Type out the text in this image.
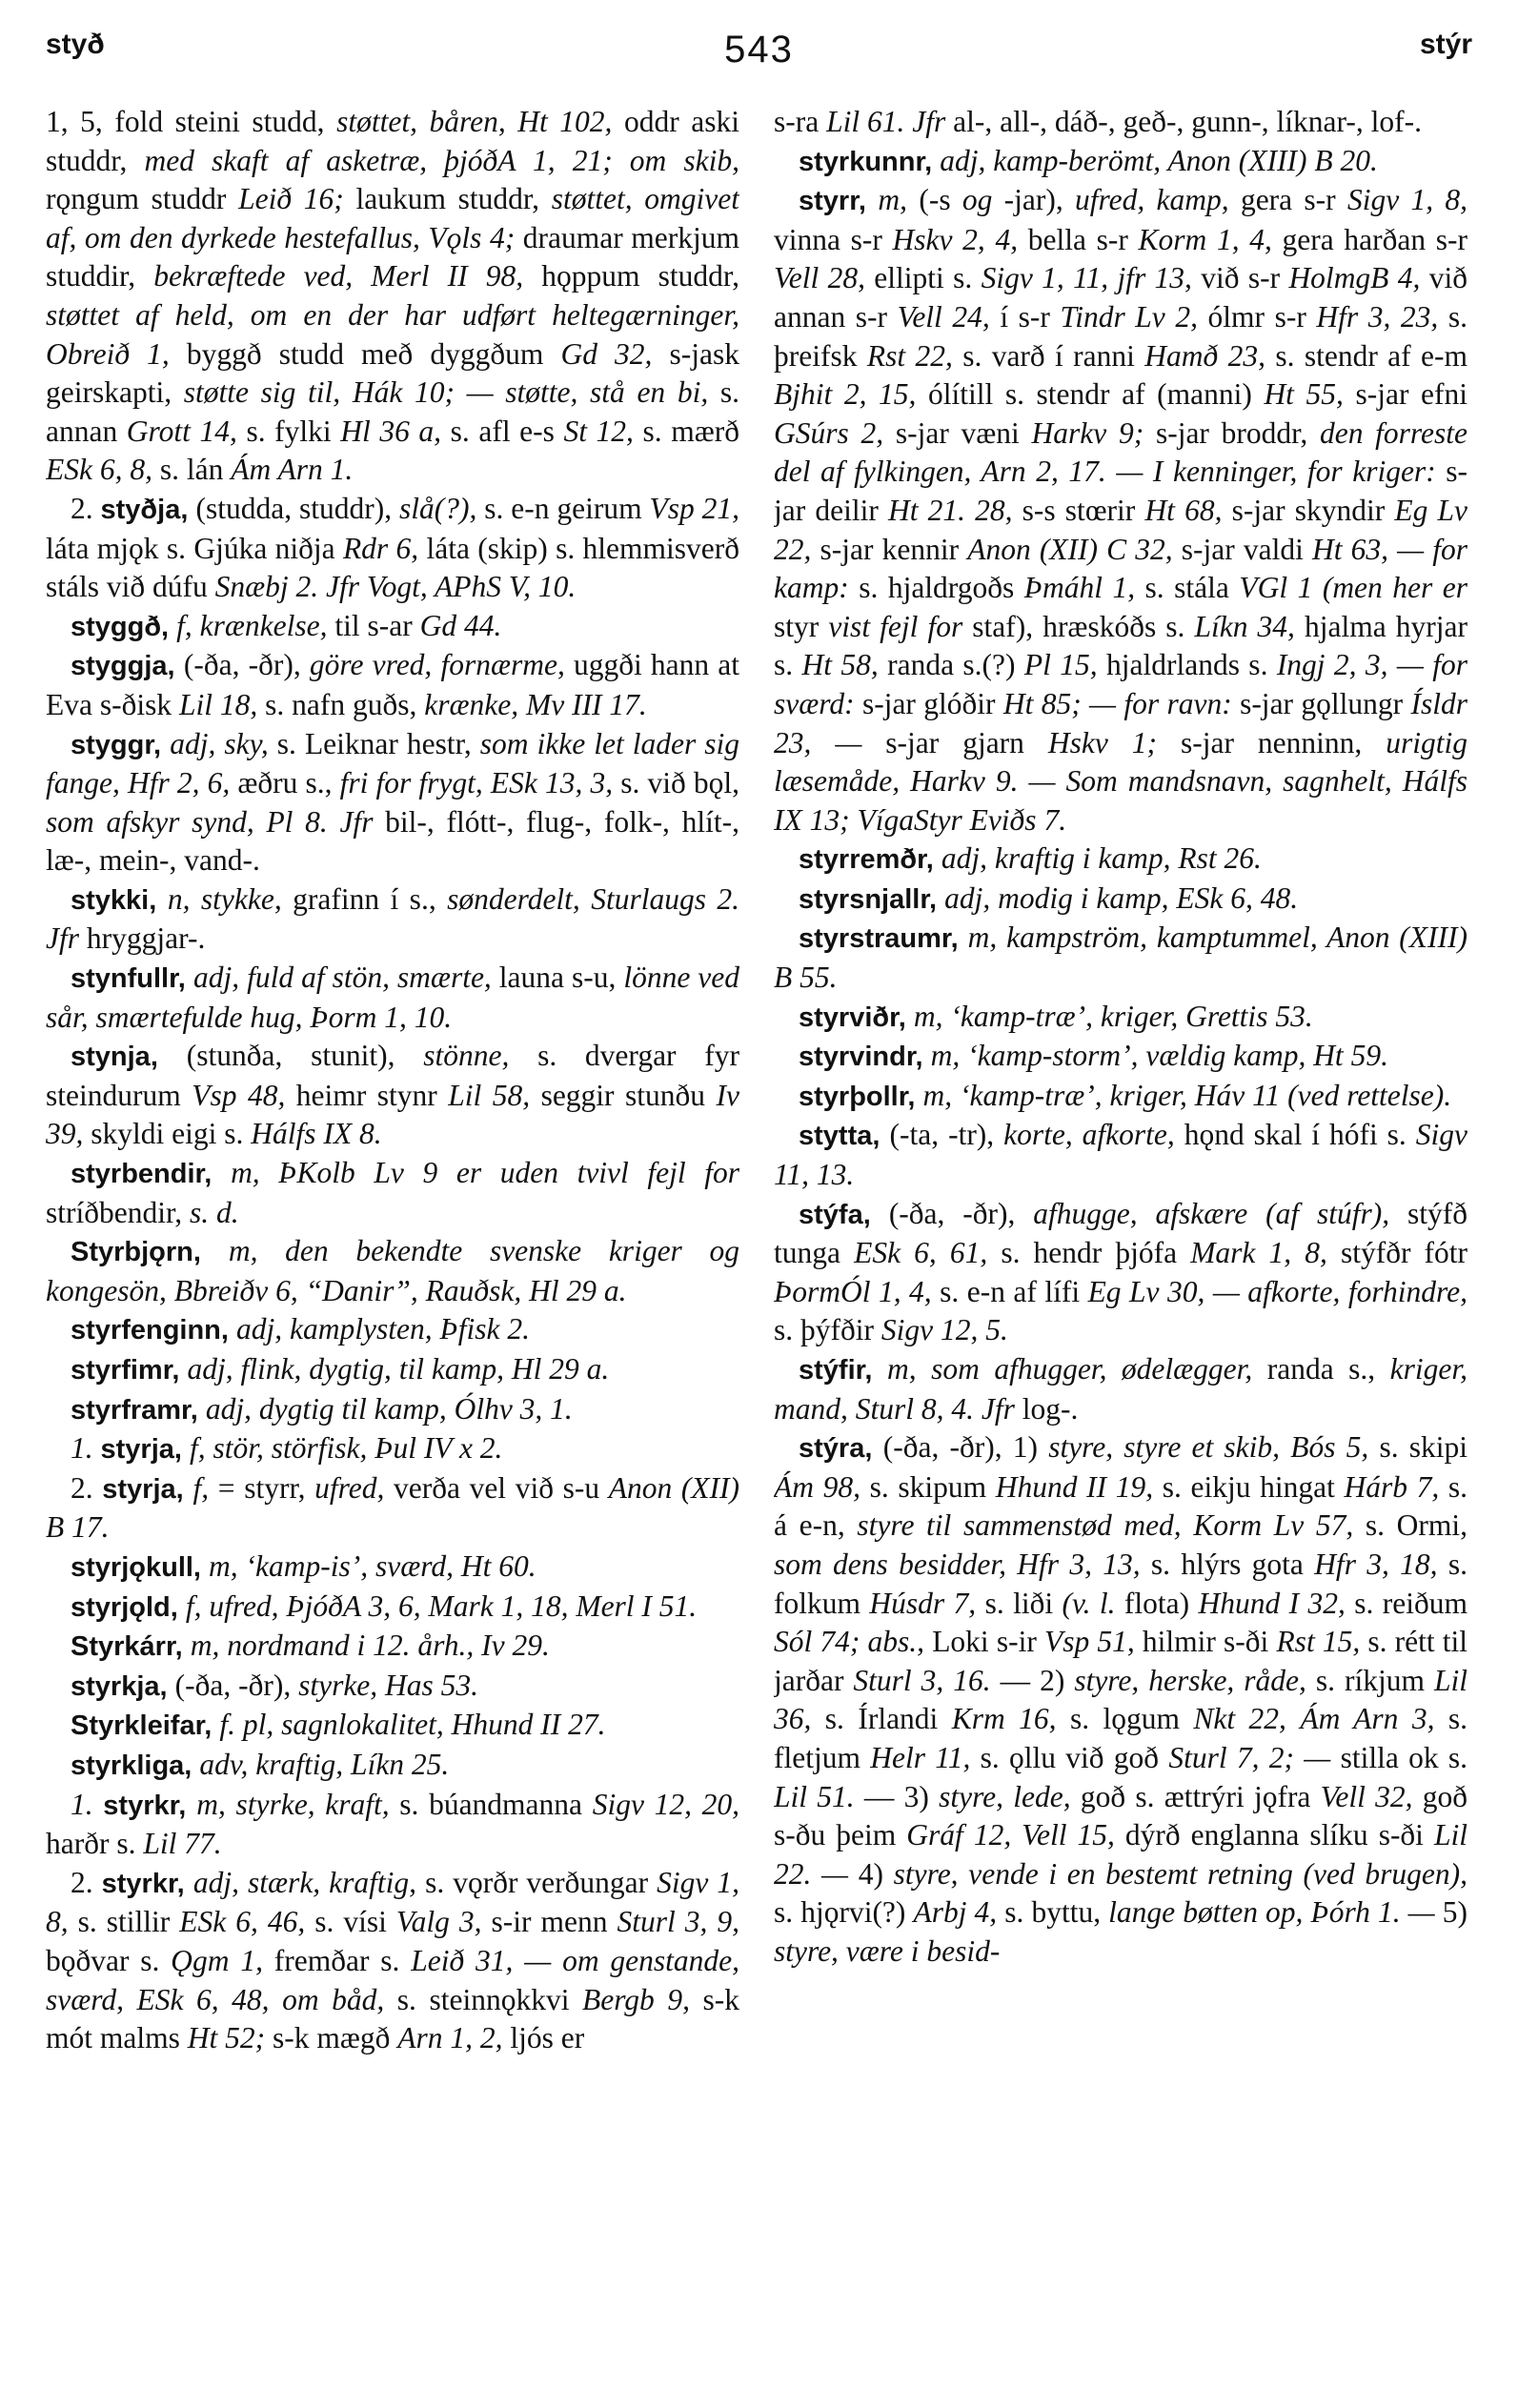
styð	543	stýr

1, 5, fold steini studd, støttet, båren, Ht 102, oddr aski studdr, med skaft af asketræ, þjóðA 1, 21; om skib, rǫngum studdr Leið 16; laukum studdr, støttet, omgivet af, om den dyrkede hestefallus, Vǫls 4; draumar merkjum studdir, bekræftede ved, Merl II 98, hǫppum studdr, støttet af held, om en der har udført heltegærninger, Obreið 1, byggð studd með dyggðum Gd 32, s-jask geirskapti, støtte sig til, Hák 10; — støtte, stå en bi, s. annan Grott 14, s. fylki Hl 36 a, s. afl e-s St 12, s. mærð ESk 6, 8, s. lán Ám Arn 1.

2. styðja, (studda, studdr), slå(?), s. e-n geirum Vsp 21, láta mjǫk s. Gjúka niðja Rdr 6, láta (skip) s. hlemmisverð stáls við dúfu Snæbj 2. Jfr Vogt, APhS V, 10.

styggð, f, krænkelse, til s-ar Gd 44.

styggja, (-ða, -ðr), göre vred, fornærme, uggði hann at Eva s-ðisk Lil 18, s. nafn guðs, krænke, Mv III 17.

styggr, adj, sky, s. Leiknar hestr, som ikke let lader sig fange, Hfr 2, 6, æðru s., fri for frygt, ESk 13, 3, s. við bǫl, som afskyr synd, Pl 8. Jfr bil-, flótt-, flug-, folk-, hlít-, læ-, mein-, vand-.

stykki, n, stykke, grafinn í s., sønderdelt, Sturlaugs 2. Jfr hryggjar-.

stynfullr, adj, fuld af stön, smærte, launa s-u, lönne ved sår, smærtefulde hug, Þorm 1, 10.

stynja, (stunða, stunit), stönne, s. dvergar fyr steindurum Vsp 48, heimr stynr Lil 58, seggir stunðu Iv 39, skyldi eigi s. Hálfs IX 8.

styrbendir, m, ÞKolb Lv 9 er uden tvivl fejl for stríðbendir, s. d.

Styrbjǫrn, m, den bekendte svenske kriger og kongesön, Bbreiðv 6, “Danir”, Rauðsk, Hl 29 a.

styrfenginn, adj, kamplysten, Þfisk 2.

styrfimr, adj, flink, dygtig, til kamp, Hl 29 a.

styrframr, adj, dygtig til kamp, Ólhv 3, 1.

1. styrja, f, stör, störfisk, Þul IV x 2.

2. styrja, f, = styrr, ufred, verða vel við s-u Anon (XII) B 17.

styrjǫkull, m, ‘kamp-is’, sværd, Ht 60.

styrjǫld, f, ufred, ÞjóðA 3, 6, Mark 1, 18, Merl I 51.

Styrkárr, m, nordmand i 12. årh., Iv 29.

styrkja, (-ða, -ðr), styrke, Has 53.

Styrkleifar, f. pl, sagnlokalitet, Hhund II 27.

styrkliga, adv, kraftig, Líkn 25.

1. styrkr, m, styrke, kraft, s. búandmanna Sigv 12, 20, harðr s. Lil 77.

2. styrkr, adj, stærk, kraftig, s. vǫrðr verðungar Sigv 1, 8, s. stillir ESk 6, 46, s. vísi Valg 3, s-ir menn Sturl 3, 9, bǫðvar s. Ǫgm 1, fremðar s. Leið 31, — om genstande, sværd, ESk 6, 48, om båd, s. steinnǫkkvi Bergb 9, s-k mót malms Ht 52; s-k mægð Arn 1, 2, ljós er

s-ra Lil 61. Jfr al-, all-, dáð-, geð-, gunn-, líknar-, lof-.

styrkunnr, adj, kamp-berömt, Anon (XIII) B 20.

styrr, m, (-s og -jar), ufred, kamp, gera s-r Sigv 1, 8, vinna s-r Hskv 2, 4, bella s-r Korm 1, 4, gera harðan s-r Vell 28, ellipti s. Sigv 1, 11, jfr 13, við s-r HolmgB 4, við annan s-r Vell 24, í s-r Tindr Lv 2, ólmr s-r Hfr 3, 23, s. þreifsk Rst 22, s. varð í ranni Hamð 23, s. stendr af e-m Bjhit 2, 15, ólítill s. stendr af (manni) Ht 55, s-jar efni GSúrs 2, s-jar væni Harkv 9; s-jar broddr, den forreste del af fylkingen, Arn 2, 17. — I kenninger, for kriger: s-jar deilir Ht 21. 28, s-s stœrir Ht 68, s-jar skyndir Eg Lv 22, s-jar kennir Anon (XII) C 32, s-jar valdi Ht 63, — for kamp: s. hjaldrgoðs Þmáhl 1, s. stála VGl 1 (men her er styr vist fejl for staf), hræskóðs s. Líkn 34, hjalma hyrjar s. Ht 58, randa s.(?) Pl 15, hjaldrlands s. Ingj 2, 3, — for sværd: s-jar glóðir Ht 85; — for ravn: s-jar gǫllungr Ísldr 23, — s-jar gjarn Hskv 1; s-jar nenninn, urigtig læsemåde, Harkv 9. — Som mandsnavn, sagnhelt, Hálfs IX 13; VígaStyr Eviðs 7.

styrremðr, adj, kraftig i kamp, Rst 26.

styrsnjallr, adj, modig i kamp, ESk 6, 48.

styrstraumr, m, kampström, kamptummel, Anon (XIII) B 55.

styrviðr, m, ‘kamp-træ’, kriger, Grettis 53.

styrvindr, m, ‘kamp-storm’, vældig kamp, Ht 59.

styrþollr, m, ‘kamp-træ’, kriger, Háv 11 (ved rettelse).

stytta, (-ta, -tr), korte, afkorte, hǫnd skal í hófi s. Sigv 11, 13.

stýfa, (-ða, -ðr), afhugge, afskære (af stúfr), stýfð tunga ESk 6, 61, s. hendr þjófa Mark 1, 8, stýfðr fótr ÞormÓl 1, 4, s. e-n af lífi Eg Lv 30, — afkorte, forhindre, s. þýfðir Sigv 12, 5.

stýfir, m, som afhugger, ødelægger, randa s., kriger, mand, Sturl 8, 4. Jfr log-.

stýra, (-ða, -ðr), 1) styre, styre et skib, Bós 5, s. skipi Ám 98, s. skipum Hhund II 19, s. eikju hingat Hárb 7, s. á e-n, styre til sammenstød med, Korm Lv 57, s. Ormi, som dens besidder, Hfr 3, 13, s. hlýrs gota Hfr 3, 18, s. folkum Húsdr 7, s. liði (v. l. flota) Hhund I 32, s. reiðum Sól 74; abs., Loki s-ir Vsp 51, hilmir s-ði Rst 15, s. rétt til jarðar Sturl 3, 16. — 2) styre, herske, råde, s. ríkjum Lil 36, s. Írlandi Krm 16, s. lǫgum Nkt 22, Ám Arn 3, s. fletjum Helr 11, s. ǫllu við goð Sturl 7, 2; — stilla ok s. Lil 51. — 3) styre, lede, goð s. ættrýri jǫfra Vell 32, goð s-ðu þeim Gráf 12, Vell 15, dýrð englanna slíku s-ði Lil 22. — 4) styre, vende i en bestemt retning (ved brugen), s. hjǫrvi(?) Arbj 4, s. byttu, lange bøtten op, Þórh 1. — 5) styre, være i besid-
